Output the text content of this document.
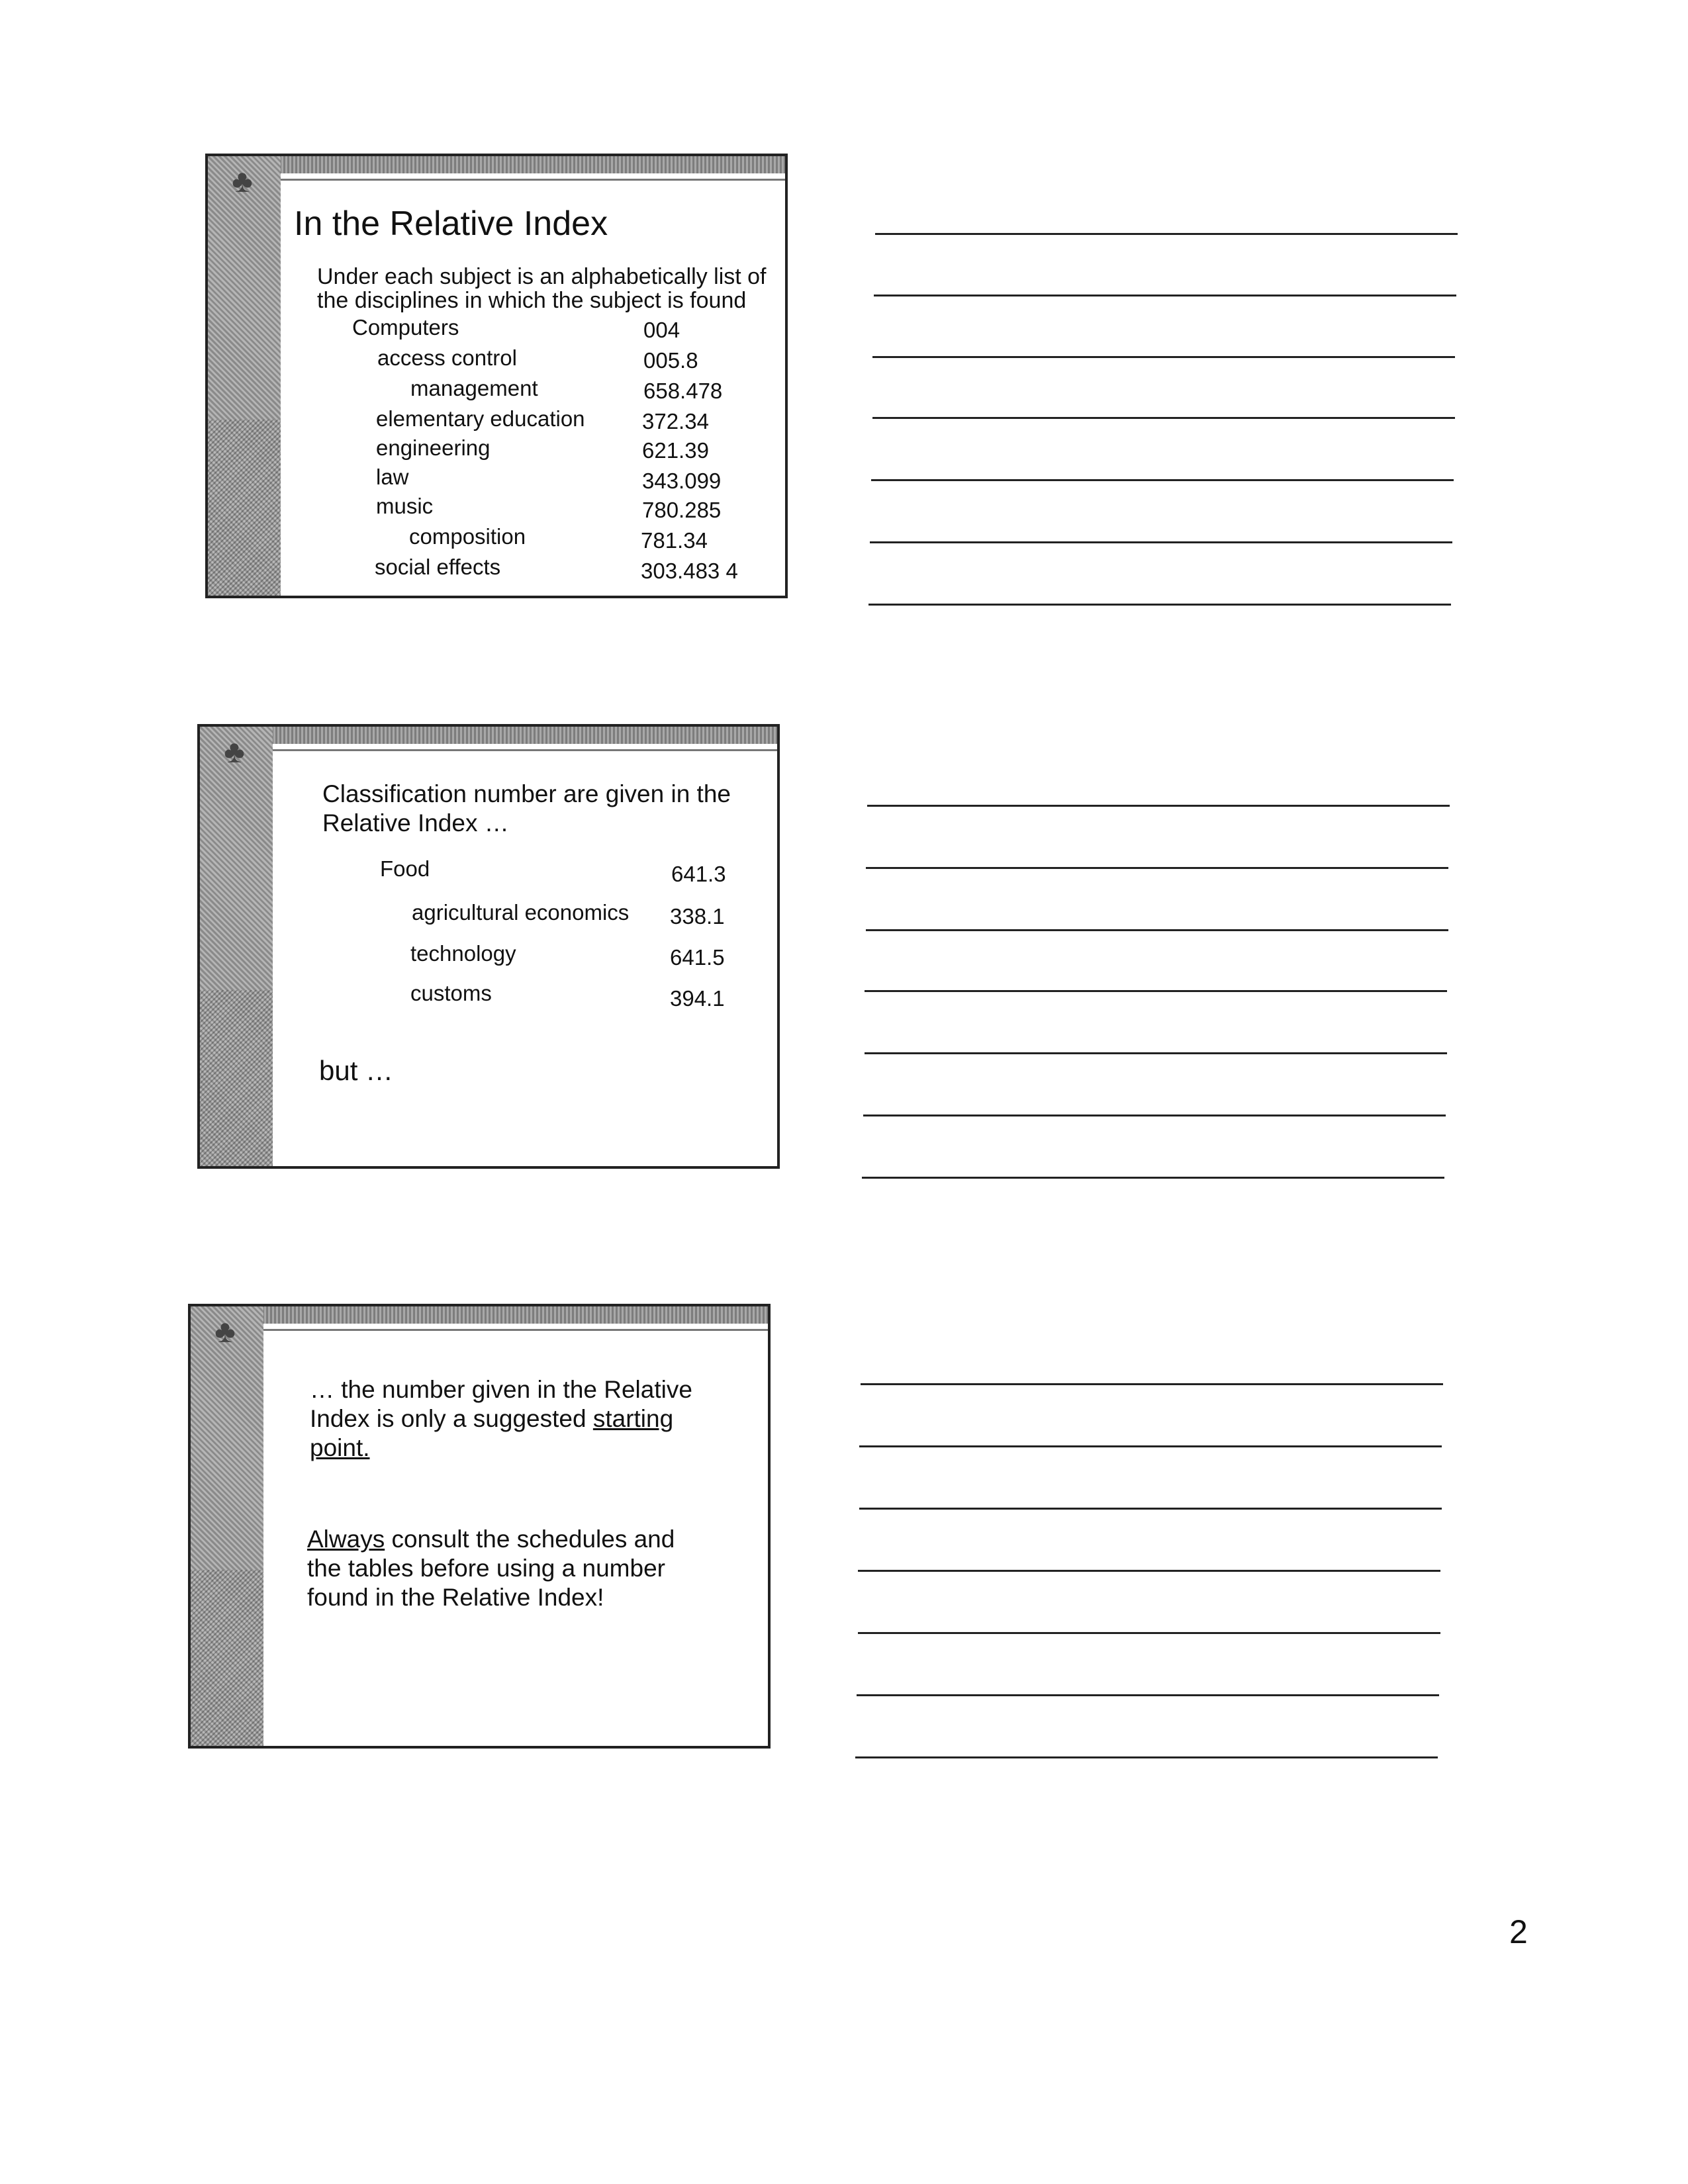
♣
In the Relative Index
Under each subject is an alphabetically list of
the disciplines in which the subject is found
Computers	004
access control	005.8
management	658.478
elementary education	372.34
engineering	621.39
law	343.099
music	780.285
composition	781.34
social effects	303.483 4
♣
Classification number are given in the
Relative Index …
Food	641.3
agricultural economics 338.1
technology	641.5
customs	394.1
but …
♣
… the number given in the Relative
Index is only a suggested starting
point.
Always consult the schedules and
the tables before using a number
found in the Relative Index!
2
